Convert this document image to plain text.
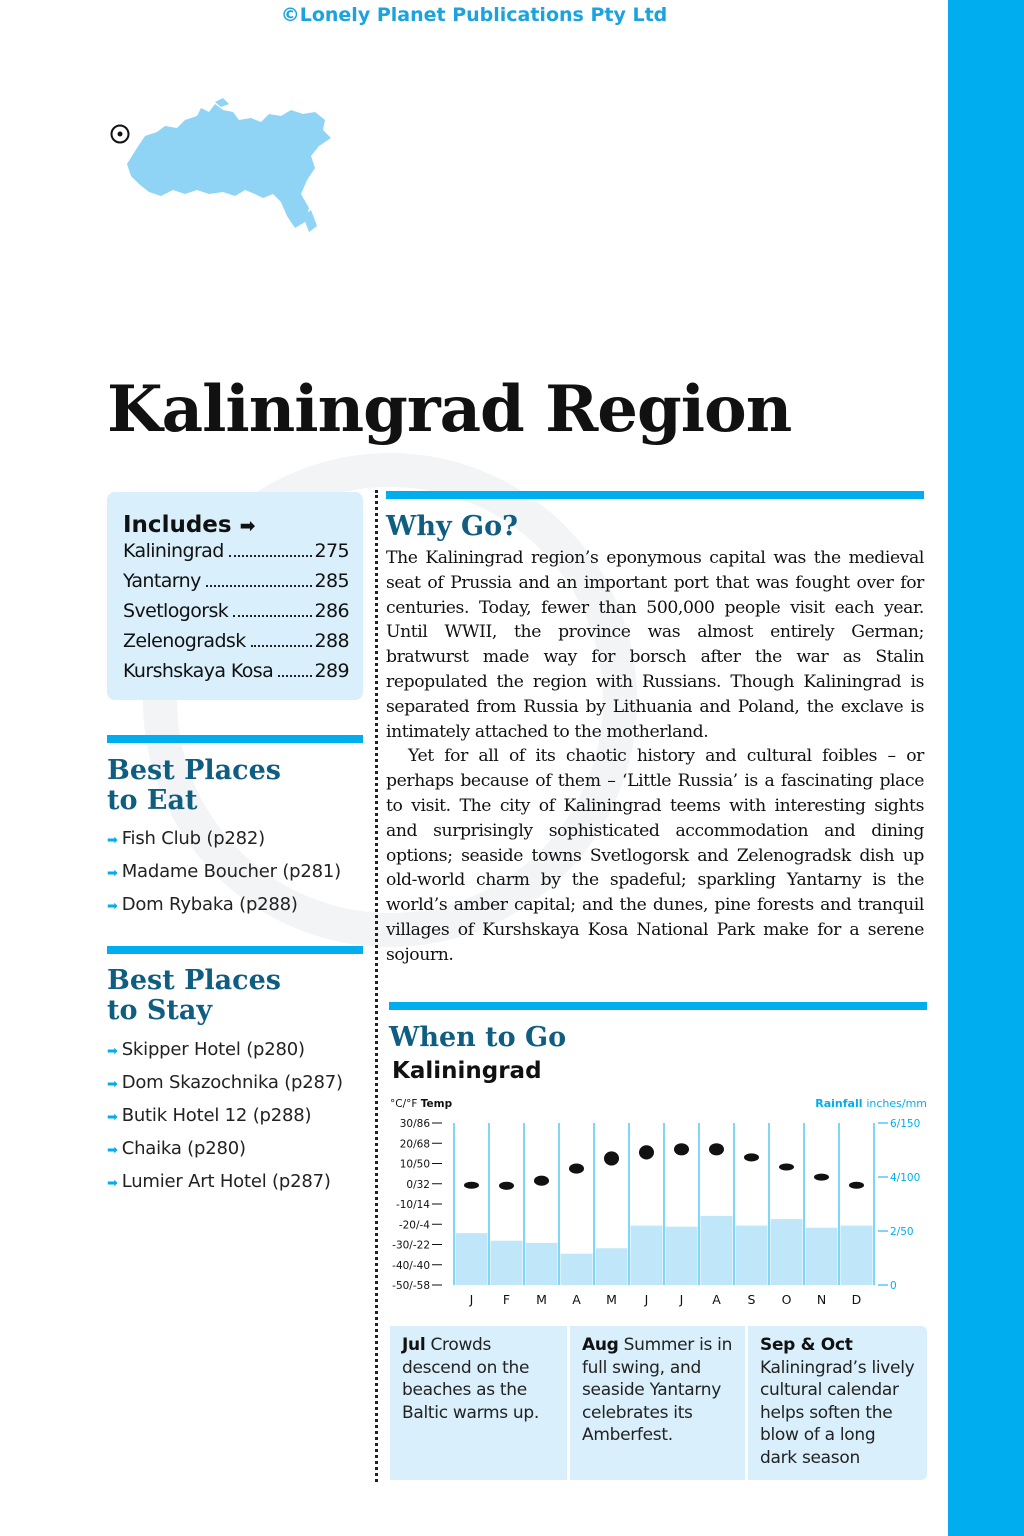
©Lonely Planet Publications Pty Ltd
Kaliningrad Region
Includes ➡
Kaliningrad	275
Yantarny	285
Svetlogorsk	286
Zelenogradsk	288
Kurshskaya Kosa 289
Best Places
to Eat
➡ Fish Club (p282)
➡ Madame Boucher (p281)
➡ Dom Rybaka (p288)
Best Places
to Stay
➡ Skipper Hotel (p280)
➡ Dom Skazochnika (p287)
➡ Butik Hotel 12 (p288)
➡ Chaika (p280)
➡ Lumier Art Hotel (p287)
Why Go?

The Kaliningrad region’s eponymous capital was the medieval seat of Prussia and an important port that was fought over for centuries. Today, fewer than 500,000 people visit each year. Until WWII, the province was almost entirely German; bratwurst made way for borsch after the war as Stalin repopulated the region with Russians. Though Kaliningrad is separated from Russia by Lithuania and Poland, the exclave is intimately attached to the motherland.

Yet for all of its chaotic history and cultural foibles – or perhaps because of them – ‘Little Russia’ is a fascinating place to visit. The city of Kaliningrad teems with interesting sights and surprisingly sophisticated accommodation and dining options; seaside towns Svetlogorsk and Zelenogradsk dish up old-world charm by the spadeful; sparkling Yantarny is the world’s amber capital; and the dunes, pine forests and tranquil villages of Kurshskaya Kosa National Park make for a serene sojourn.

When to Go
Kaliningrad
°C/°F Temp	Rainfall inches/mm
30/86
20/68
10/50
0/32
-10/14
-20/-4
-30/-22
-40/-40
-50/-58
6/150
4/100
2/50
0
J F M A M J	J A S O N D
Jul Crowds descend on the beaches as the Baltic warms up.
Aug Summer is in full swing, and seaside Yantarny celebrates its Amberfest.
Sep & Oct Kaliningrad’s lively cultural calendar helps soften the blow of a long dark season
